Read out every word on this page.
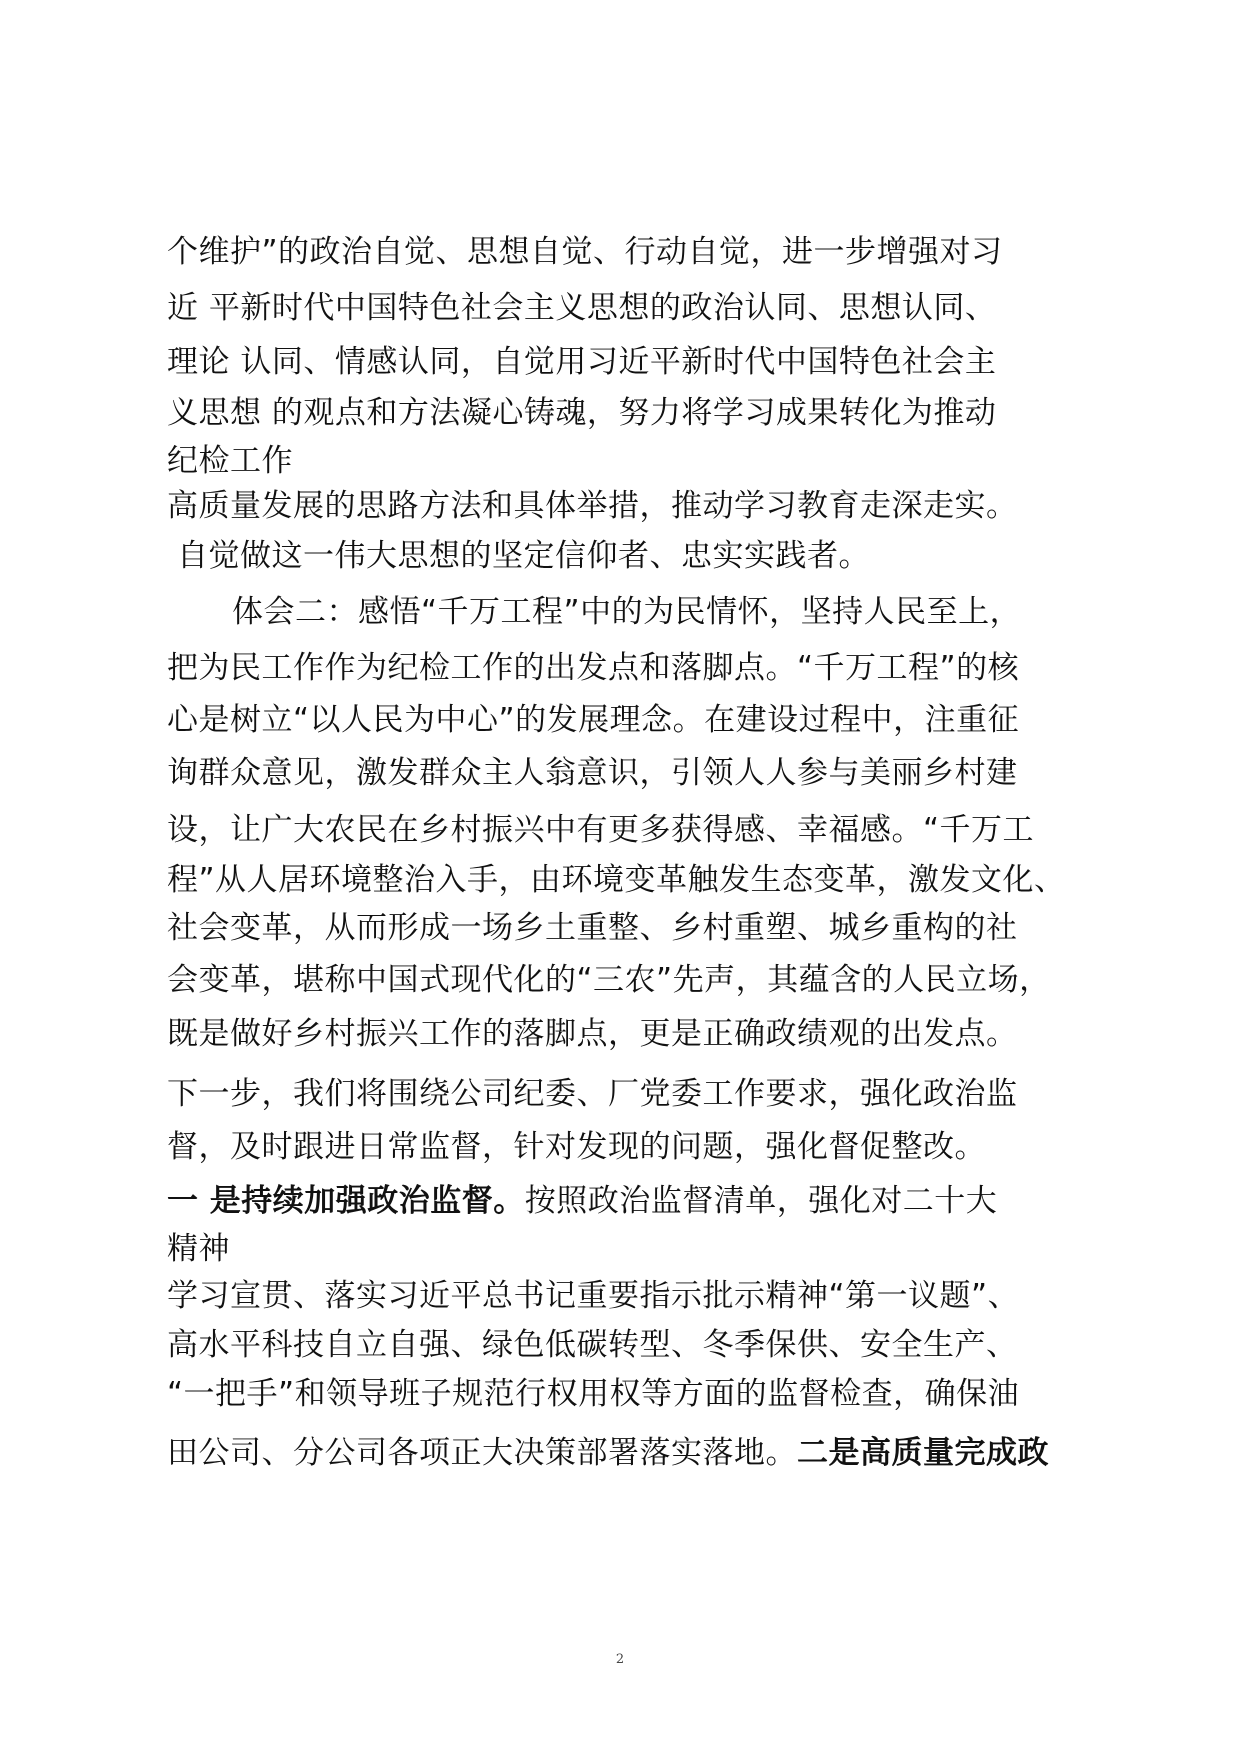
个维护”的政治自觉、思想自觉、行动自觉，进一步增强对习
近 平新时代中国特色社会主义思想的政治认同、思想认同、
理论 认同、情感认同，自觉用习近平新时代中国特色社会主
义思想 的观点和方法凝心铸魂，努力将学习成果转化为推动
纪检工作
高质量发展的思路方法和具体举措，推动学习教育走深走实。
自觉做这一伟大思想的坚定信仰者、忠实实践者。
体会二：感悟“千万工程”中的为民情怀，坚持人民至上，
把为民工作作为纪检工作的出发点和落脚点。“千万工程”的核
心是树立“以人民为中心”的发展理念。在建设过程中，注重征
询群众意见，激发群众主人翁意识，引领人人参与美丽乡村建
设，让广大农民在乡村振兴中有更多获得感、幸福感。“千万工
程”从人居环境整治入手，由环境变革触发生态变革，激发文化、
社会变革，从而形成一场乡土重整、乡村重塑、城乡重构的社
会变革，堪称中国式现代化的“三农”先声，其蕴含的人民立场，
既是做好乡村振兴工作的落脚点，更是正确政绩观的出发点。
下一步，我们将围绕公司纪委、厂党委工作要求，强化政治监
督，及时跟进日常监督，针对发现的问题，强化督促整改。
一 是持续加强政治监督。按照政治监督清单，强化对二十大
精神
学习宣贯、落实习近平总书记重要指示批示精神“第一议题”、
高水平科技自立自强、绿色低碳转型、冬季保供、安全生产、
“一把手”和领导班子规范行权用权等方面的监督检查，确保油
田公司、分公司各项正大决策部署落实落地。二是高质量完成政
2
